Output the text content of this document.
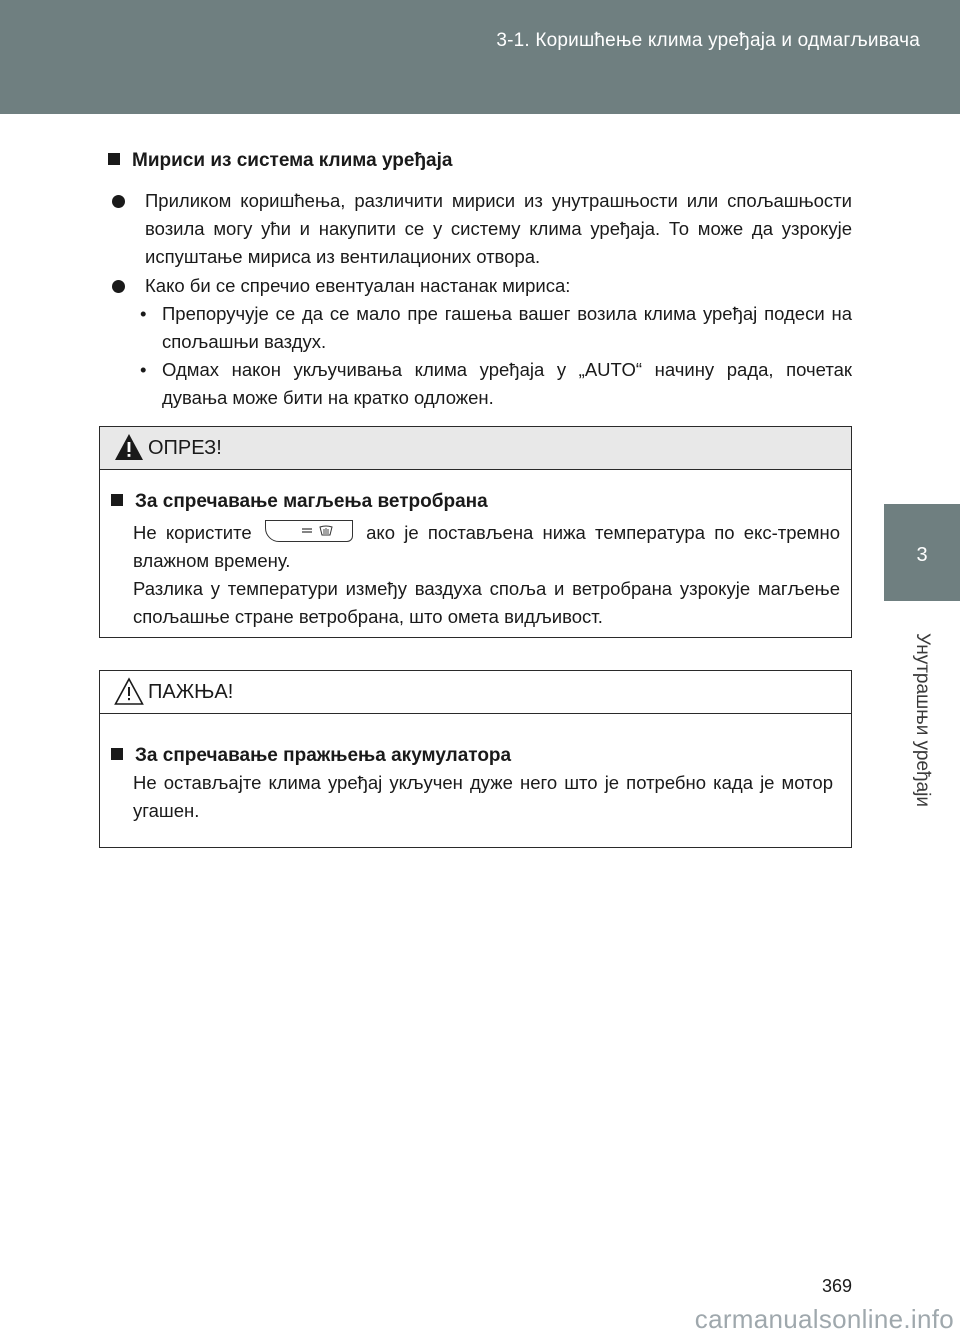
3-1. Коришћење клима уређаја и одмагљивача
3
Унутрашњи уређаји
Мириси из система клима уређаја
Приликом коришћења, различити мириси из унутрашњости или спољашњости возила могу ући и накупити се у систему клима уређаја. То може да узрокује испуштање мириса из вентилационих отвора.
Како би се спречио евентуалан настанак мириса:
• Препоручује се да се мало пре гашења вашег возила клима уређај подеси на спољашњи ваздух.
• Одмах након укључивања клима уређаја у „AUTO“ начину рада, почетак дувања може бити на кратко одложен.
ОПРЕЗ!
За спречавање магљења ветробрана
Не користите	ако је постављена нижа температура по екс-тремно влажном времену.
Разлика у температури између ваздуха споља и ветробрана узрокује магљење спољашње стране ветробрана, што омета видљивост.
ПАЖЊА!
За спречавање пражњења акумулатора
Не остављајте клима уређај укључен дуже него што је потребно када је мотор угашен.
369
carmanualsonline.info
